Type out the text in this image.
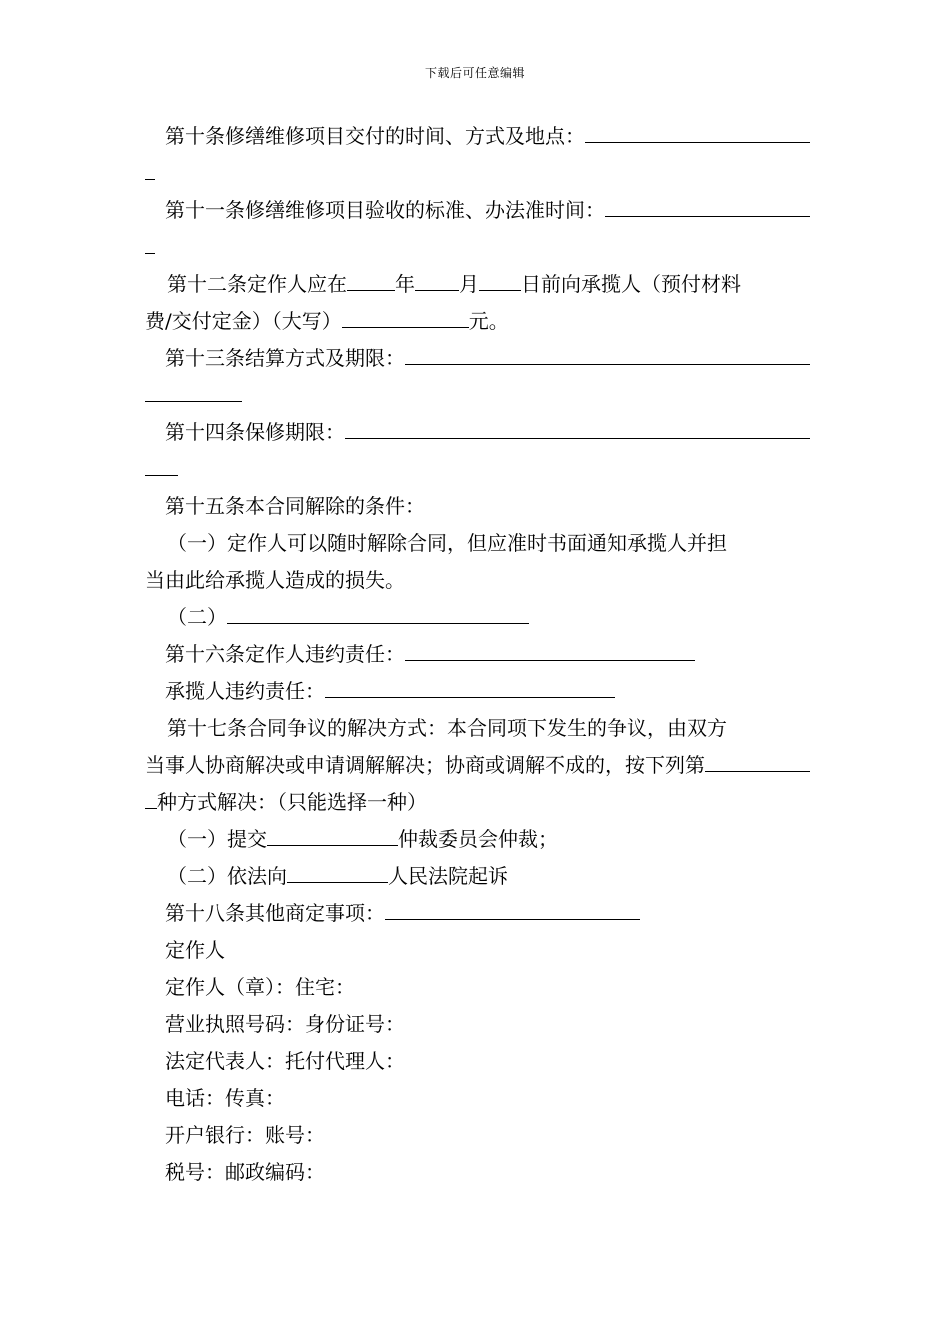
下载后可任意编辑
第十条修缮维修项目交付的时间、方式及地点：
第十一条修缮维修项目验收的标准、办法准时间：
第十二条定作人应在 年 月 日前向承揽人（预付材料
费/交付定金）（大写）	元。
第十三条结算方式及期限：
第十四条保修期限：
第十五条本合同解除的条件：
（一）定作人可以随时解除合同，但应准时书面通知承揽人并担
当由此给承揽人造成的损失。
（二）
第十六条定作人违约责任：
承揽人违约责任：
第十七条合同争议的解决方式：本合同项下发生的争议，由双方
当事人协商解决或申请调解解决；协商或调解不成的，按下列第
种方式解决：（只能选择一种）
（一）提交	仲裁委员会仲裁；
（二）依法向	人民法院起诉
第十八条其他商定事项：
定作人
定作人（章）：住宅：
营业执照号码：身份证号：
法定代表人：托付代理人：
电话：传真：
开户银行：账号：
税号：邮政编码：
